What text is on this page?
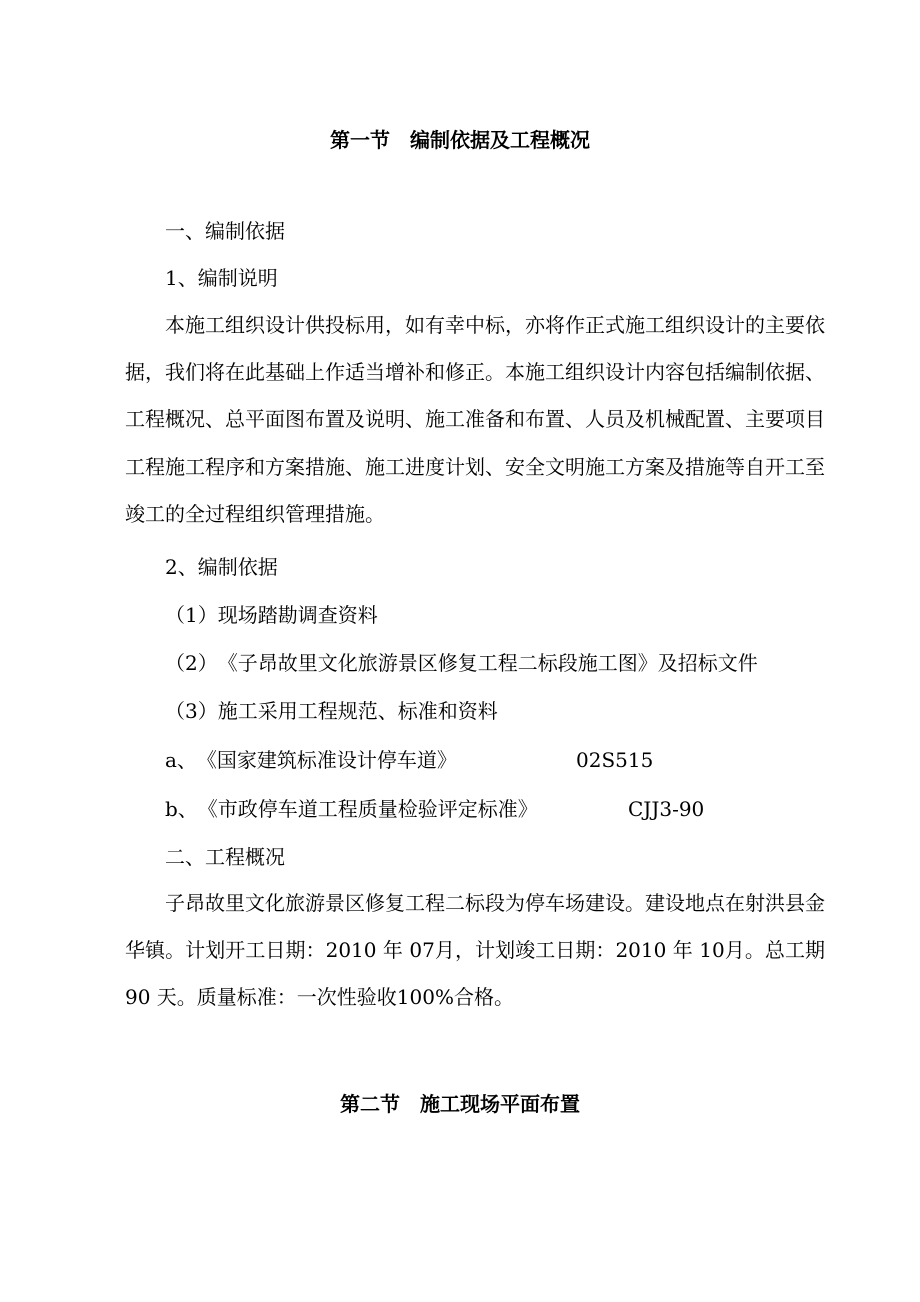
第一节　编制依据及工程概况
一、编制依据
1、编制说明

本施工组织设计供投标用，如有幸中标，亦将作正式施工组织设计的主要依据，我们将在此基础上作适当增补和修正。本施工组织设计内容包括编制依据、工程概况、总平面图布置及说明、施工准备和布置、人员及机械配置、主要项目工程施工程序和方案措施、施工进度计划、安全文明施工方案及措施等自开工至竣工的全过程组织管理措施。

2、编制依据
（1）现场踏勘调查资料
（2）　《子昂故里文化旅游景区修复工程二标段施工图》及招标文件
（3）施工采用工程规范、标准和资料
a、　《国家建筑标准设计停车道》	02S515
b、　《市政停车道工程质量检验评定标准》	CJJ3-90
二、工程概况

子昂故里文化旅游景区修复工程二标段为停车场建设。建设地点在射洪县金华镇。计划开工日期：2010 年 07月，计划竣工日期：2010 年 10月。总工期90 天。质量标准：一次性验收100%合格。

第二节　施工现场平面布置
